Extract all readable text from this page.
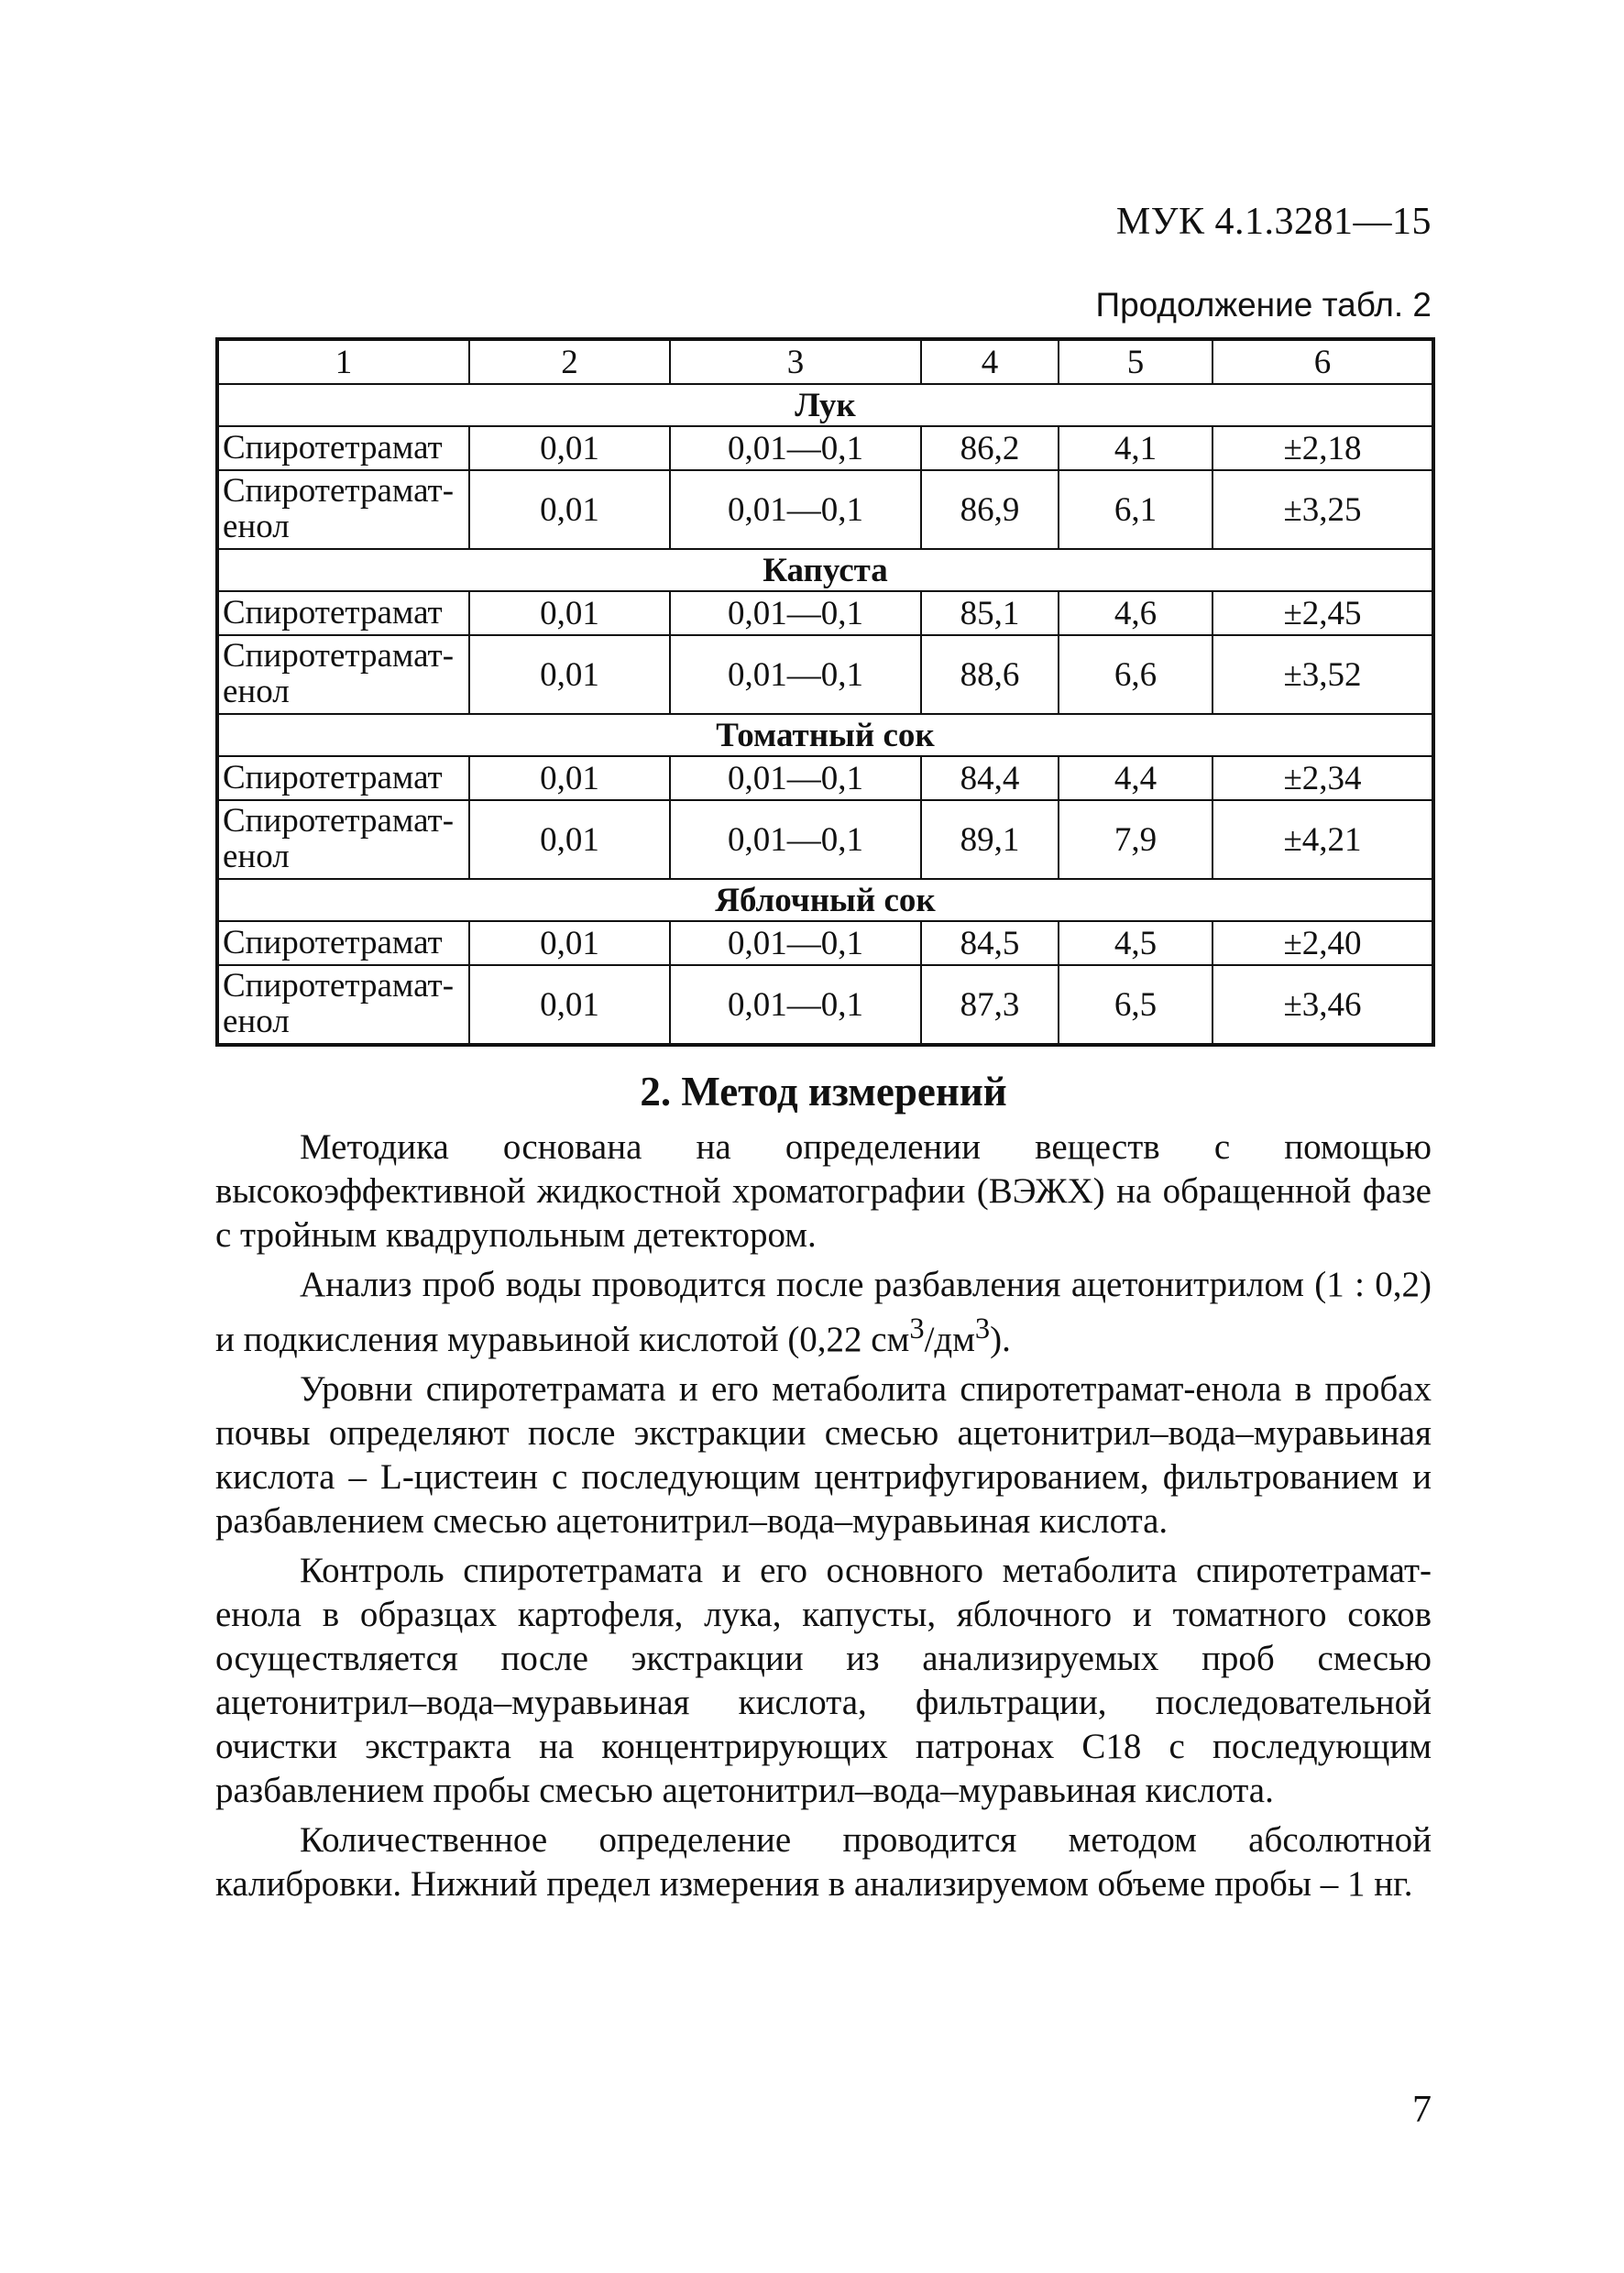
МУК 4.1.3281—15
Продолжение табл. 2
1	2	3	4	5	6
Лук					
Спиротетрамат	0,01	0,01—0,1	86,2	4,1	±2,18
Спиротетрамат-
енол	0,01	0,01—0,1	86,9	6,1	±3,25
Капуста					
Спиротетрамат	0,01	0,01—0,1	85,1	4,6	±2,45
Спиротетрамат-
енол	0,01	0,01—0,1	88,6	6,6	±3,52
Томатный сок					
Спиротетрамат	0,01	0,01—0,1	84,4	4,4	±2,34
Спиротетрамат-
енол	0,01	0,01—0,1	89,1	7,9	±4,21
Яблочный сок					
Спиротетрамат	0,01	0,01—0,1	84,5	4,5	±2,40
Спиротетрамат-
енол	0,01	0,01—0,1	87,3	6,5	±3,46
2. Метод измерений

Методика основана на определении веществ с помощью высокоэффективной жидкостной хроматографии (ВЭЖХ) на обращенной фазе с тройным квадрупольным детектором.

Анализ проб воды проводится после разбавления ацетонитрилом (1 : 0,2) и подкисления муравьиной кислотой (0,22 $см^3/дм^3$).

Уровни спиротетрамата и его метаболита спиротетрамат-енола в пробах почвы определяют после экстракции смесью ацетонитрил–вода–муравьиная кислота – L-цистеин с последующим центрифугированием, фильтрованием и разбавлением смесью ацетонитрил–вода–муравьиная кислота.

Контроль спиротетрамата и его основного метаболита спиротетрамат-енола в образцах картофеля, лука, капусты, яблочного и томатного соков осуществляется после экстракции из анализируемых проб смесью ацетонитрил–вода–муравьиная кислота, фильтрации, последовательной очистки экстракта на концентрирующих патронах С18 с последующим разбавлением пробы смесью ацетонитрил–вода–муравьиная кислота.

Количественное определение проводится методом абсолютной калибровки. Нижний предел измерения в анализируемом объеме пробы – 1 нг.

7
